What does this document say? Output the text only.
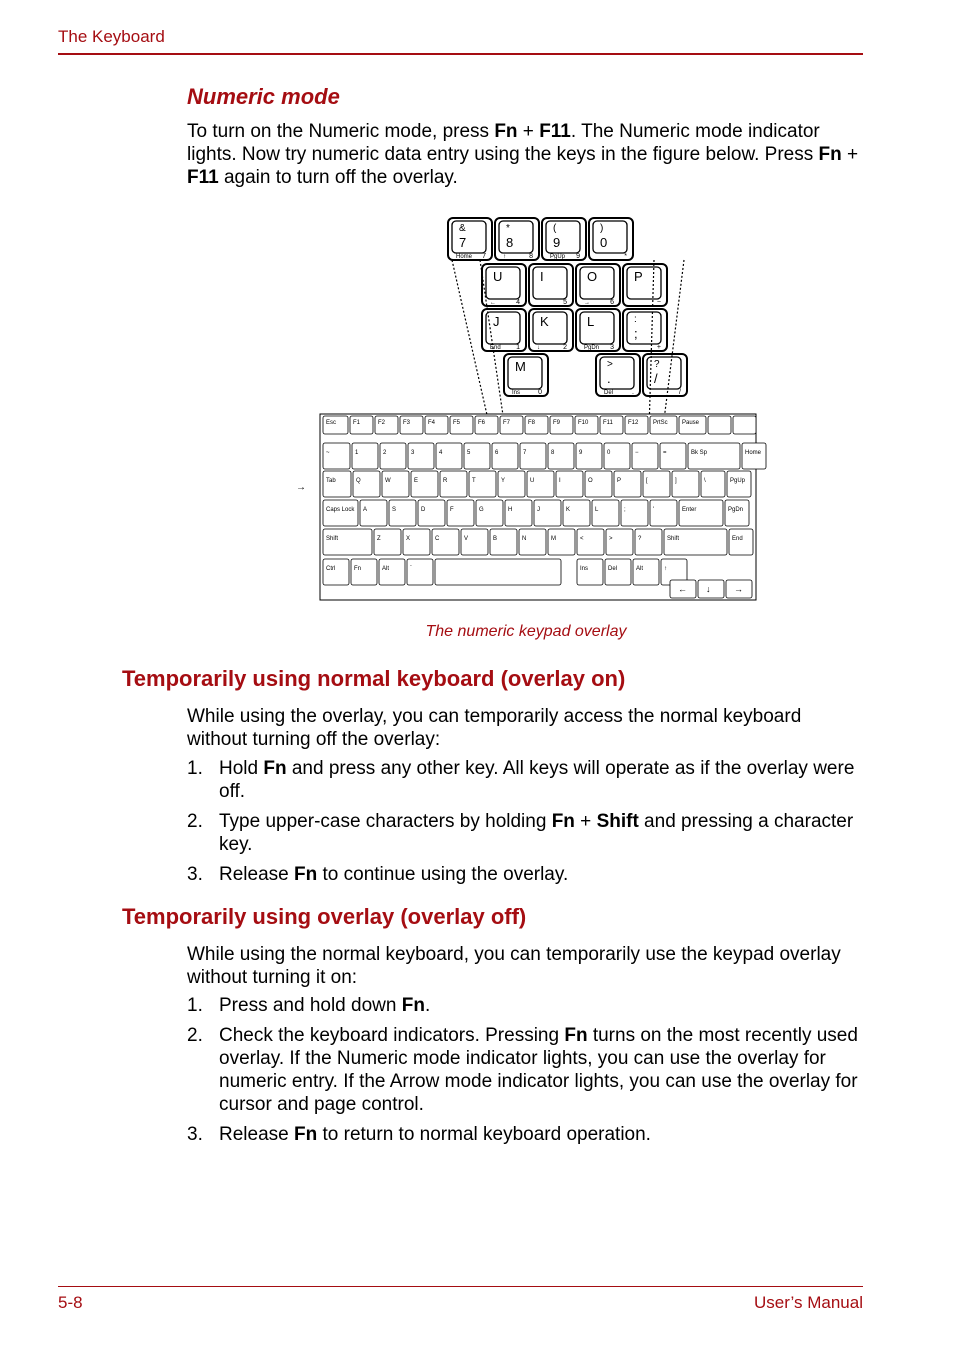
The Keyboard
Numeric mode
To turn on the Numeric mode, press Fn + F11. The Numeric mode indicator lights. Now try numeric data entry using the keys in the figure below. Press Fn + F11 again to turn off the overlay.
&
7
Home 7
*
8
↑	8
(
9
PgUp 9
)
0
*
U
←	4
I
5
O
→	6
P
−
J
End 1
K
↓	2
L
PgDn 3
:
;
+
M
Ins	0
>
.
Del	.
?
/
/
Esc	F1	F2	F3	F4	F5	F6	F7	F8	F9	F10 F11	F12 PrtSc Pause
~	1	2	3	4	5	6	7	8	9	0	−	=	Bk Sp	Home
Tab	Q	W	E	R	T	Y	U	I	O	P	[	]	\	PgUp
Caps Lock A	S	D	F	G	H	J	K	L	;	'	Enter	PgDn
Shift	Z	X	C	V	B	N	M	<	>	?	Shift	End
Ctrl	Fn	Alt	`	Ins	Del	Alt	↑
← ↓	→
→
The numeric keypad overlay
Temporarily using normal keyboard (overlay on)
While using the overlay, you can temporarily access the normal keyboard without turning off the overlay:
1. Hold Fn and press any other key. All keys will operate as if the overlay were off.
2. Type upper-case characters by holding Fn + Shift and pressing a character key.
3. Release Fn to continue using the overlay.
Temporarily using overlay (overlay off)
While using the normal keyboard, you can temporarily use the keypad overlay without turning it on:
1. Press and hold down Fn.
2. Check the keyboard indicators. Pressing Fn turns on the most recently used overlay. If the Numeric mode indicator lights, you can use the overlay for numeric entry. If the Arrow mode indicator lights, you can use the overlay for cursor and page control.
3. Release Fn to return to normal keyboard operation.
5-8	User’s Manual
